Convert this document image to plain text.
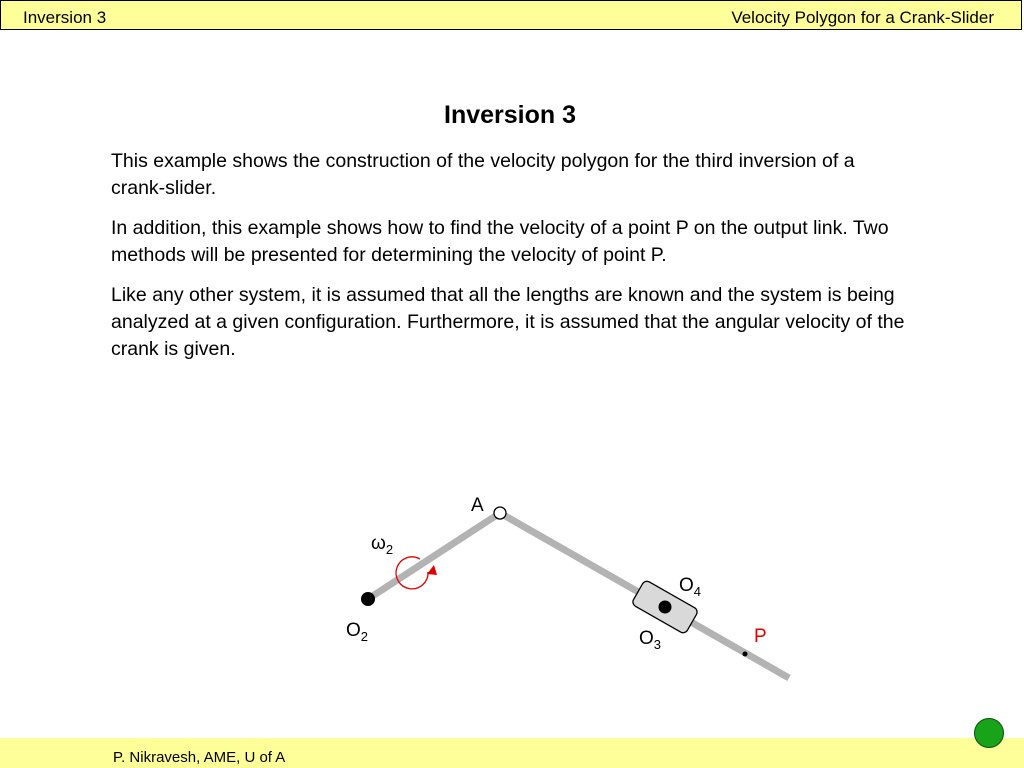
Inversion 3	Velocity Polygon for a Crank-Slider
Inversion 3

This example shows the construction of the velocity polygon for the third inversion of a crank-slider.

In addition, this example shows how to find the velocity of a point P on the output link. Two methods will be presented for determining the velocity of point P.

Like any other system, it is assumed that all the lengths are known and the system is being analyzed at a given configuration. Furthermore, it is assumed that the angular velocity of the crank is given.

A
$\omega_2$
$O_2$
$O_4$
$O_3$	P
P. Nikravesh, AME, U of A
